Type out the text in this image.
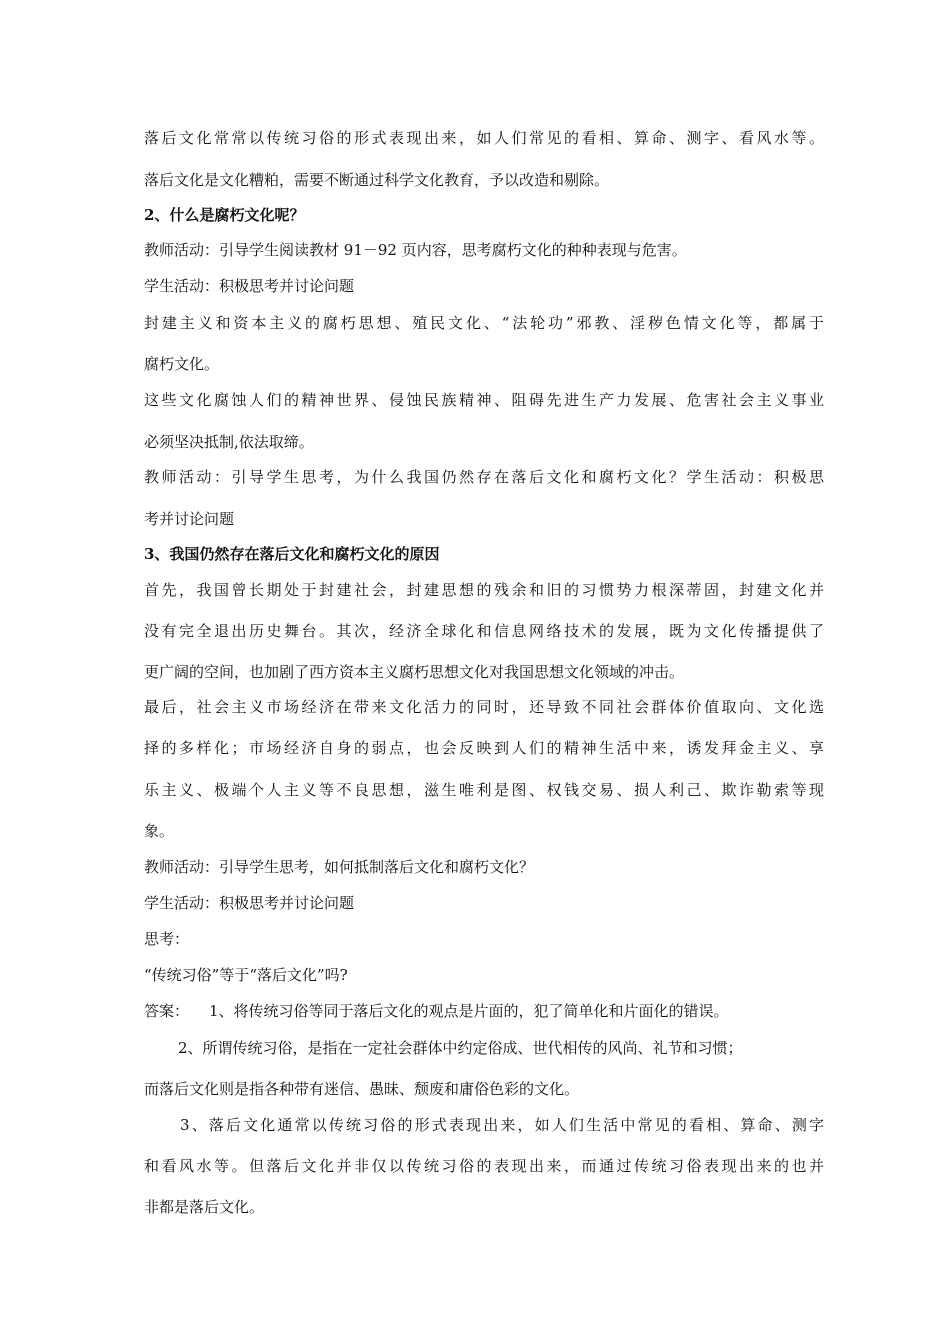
落后文化常常以传统习俗的形式表现出来，如人们常见的看相、算命、测字、看风水等。
落后文化是文化糟粕，需要不断通过科学文化教育，予以改造和剔除。
2、什么是腐朽文化呢？
教师活动：引导学生阅读教材 91－92 页内容，思考腐朽文化的种种表现与危害。
学生活动：积极思考并讨论问题
封建主义和资本主义的腐朽思想、殖民文化、“法轮功”邪教、淫秽色情文化等，都属于
腐朽文化。
这些文化腐蚀人们的精神世界、侵蚀民族精神、阻碍先进生产力发展、危害社会主义事业
必须坚决抵制,依法取缔。
教师活动：引导学生思考，为什么我国仍然存在落后文化和腐朽文化？学生活动：积极思
考并讨论问题
3、我国仍然存在落后文化和腐朽文化的原因
首先，我国曾长期处于封建社会，封建思想的残余和旧的习惯势力根深蒂固，封建文化并
没有完全退出历史舞台。其次，经济全球化和信息网络技术的发展，既为文化传播提供了
更广阔的空间，也加剧了西方资本主义腐朽思想文化对我国思想文化领域的冲击。
最后，社会主义市场经济在带来文化活力的同时，还导致不同社会群体价值取向、文化选
择的多样化；市场经济自身的弱点，也会反映到人们的精神生活中来，诱发拜金主义、享
乐主义、极端个人主义等不良思想，滋生唯利是图、权钱交易、损人利己、欺诈勒索等现
象。
教师活动：引导学生思考，如何抵制落后文化和腐朽文化？
学生活动：积极思考并讨论问题
思考：
“传统习俗”等于“落后文化”吗?
答案： 1、将传统习俗等同于落后文化的观点是片面的，犯了简单化和片面化的错误。
2、所谓传统习俗，是指在一定社会群体中约定俗成、世代相传的风尚、礼节和习惯；
而落后文化则是指各种带有迷信、愚昧、颓废和庸俗色彩的文化。
3、落后文化通常以传统习俗的形式表现出来，如人们生活中常见的看相、算命、测字
和看风水等。但落后文化并非仅以传统习俗的表现出来，而通过传统习俗表现出来的也并
非都是落后文化。
